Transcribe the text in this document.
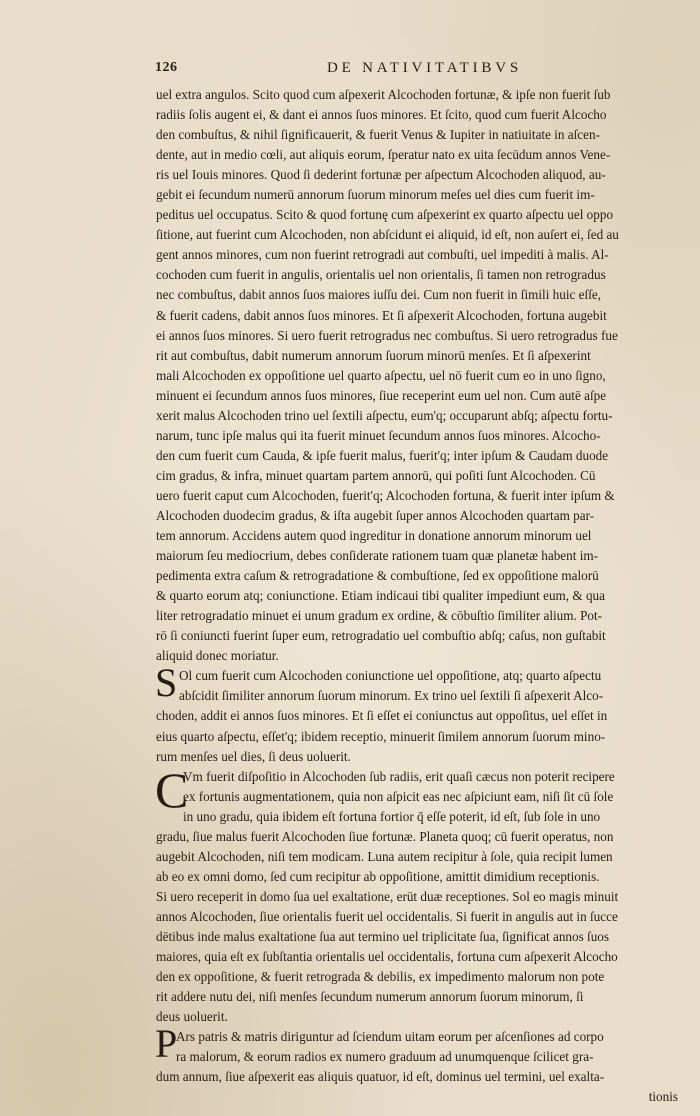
126	DE NATIVITATIBVS
uel extra angulos. Scito quod cum aſpexerit Alcochoden fortunæ, & ipſe non fuerit ſub
radiis ſolis augent ei, & dant ei annos ſuos minores. Et ſcito, quod cum fuerit Alcocho
den combuſtus, & nihil ſignificauerit, & fuerit Venus & Iupiter in natiuitate in aſcen-
dente, aut in medio cœli, aut aliquis eorum, ſperatur nato ex uita ſecūdum annos Vene-
ris uel Iouis minores. Quod ſi dederint fortunæ per aſpectum Alcochoden aliquod, au-
gebit ei ſecundum numerū annorum ſuorum minorum meſes uel dies cum fuerit im-
peditus uel occupatus. Scito & quod fortunę cum aſpexerint ex quarto aſpectu uel oppo
ſitione, aut fuerint cum Alcochoden, non abſcidunt ei aliquid, id eſt, non auſert ei, ſed au
gent annos minores, cum non fuerint retrogradi aut combuſti, uel impediti à malis. Al-
cochoden cum fuerit in angulis, orientalis uel non orientalis, ſi tamen non retrogradus
nec combuſtus, dabit annos ſuos maiores iuſſu dei. Cum non fuerit in ſimili huic eſſe,
& fuerit cadens, dabit annos ſuos minores. Et ſi aſpexerit Alcochoden, fortuna augebit
ei annos ſuos minores. Si uero fuerit retrogradus nec combuſtus. Si uero retrogradus fue
rit aut combuſtus, dabit numerum annorum ſuorum minorū menſes. Et ſi aſpexerint
mali Alcochoden ex oppoſitione uel quarto aſpectu, uel nō fuerit cum eo in uno ſigno,
minuent ei ſecundum annos ſuos minores, ſiue receperint eum uel non. Cum autē aſpe
xerit malus Alcochoden trino uel ſextili aſpectu, eum'q; occuparunt abſq; aſpectu fortu-
narum, tunc ipſe malus qui ita fuerit minuet ſecundum annos ſuos minores. Alcocho-
den cum fuerit cum Cauda, & ipſe fuerit malus, fuerit'q; inter ipſum & Caudam duode
cim gradus, & infra, minuet quartam partem annorū, qui poſiti ſunt Alcochoden. Cū
uero fuerit caput cum Alcochoden, fuerit'q; Alcochoden fortuna, & fuerit inter ipſum &
Alcochoden duodecim gradus, & iſta augebit ſuper annos Alcochoden quartam par-
tem annorum. Accidens autem quod ingreditur in donatione annorum minorum uel
maiorum ſeu mediocrium, debes conſiderate rationem tuam quæ planetæ habent im-
pedimenta extra caſum & retrogradatione & combuſtione, ſed ex oppoſitione malorū
& quarto eorum atq; coniunctione. Etiam indicaui tibi qualiter impediunt eum, & qua
liter retrogradatio minuet ei unum gradum ex ordine, & cōbuſtio ſimiliter alium. Pot-
rō ſi coniuncti fuerint ſuper eum, retrogradatio uel combuſtio abſq; caſus, non guſtabit
aliquid donec moriatur.
S Ol cum fuerit cum Alcochoden coniunctione uel oppoſitione, atq; quarto aſpectu
abſcidit ſimiliter annorum ſuorum minorum. Ex trino uel ſextili ſi aſpexerit Alco-
choden, addit ei annos ſuos minores. Et ſi eſſet ei coniunctus aut oppoſitus, uel eſſet in
eius quarto aſpectu, eſſet'q; ibidem receptio, minuerit ſimilem annorum ſuorum mino-
rum menſes uel dies, ſi deus uoluerit.
C
Vm fuerit diſpoſitio in Alcochoden ſub radiis, erit quaſi cæcus non poterit recipere
ex fortunis augmentationem, quia non aſpicit eas nec aſpiciunt eam, niſi ſit cū ſole
in uno gradu, quia ibidem eſt fortuna fortior q̄ eſſe poterit, id eſt, ſub ſole in uno
gradu, ſiue malus fuerit Alcochoden ſiue fortunæ. Planeta quoq; cū fuerit operatus, non
augebit Alcochoden, niſi tem modicam. Luna autem recipitur à ſole, quia recipit lumen
ab eo ex omni domo, ſed cum recipitur ab oppoſitione, amittit dimidium receptionis.
Si uero receperit in domo ſua uel exaltatione, erūt duæ receptiones. Sol eo magis minuit
annos Alcochoden, ſiue orientalis fuerit uel occidentalis. Si fuerit in angulis aut in ſucce
dētibus inde malus exaltatione ſua aut termino uel triplicitate ſua, ſignificat annos ſuos
maiores, quia eſt ex ſubſtantia orientalis uel occidentalis, fortuna cum aſpexerit Alcocho
den ex oppoſitione, & fuerit retrograda & debilis, ex impedimento malorum non pote
rit addere nutu dei, niſi menſes ſecundum numerum annorum ſuorum minorum, ſi
deus uoluerit.
P
Ars patris & matris diriguntur ad ſciendum uitam eorum per aſcenſiones ad corpo
ra malorum, & eorum radios ex numero graduum ad unumquenque ſcilicet gra-
dum annum, ſiue aſpexerit eas aliquis quatuor, id eſt, dominus uel termini, uel exalta-
tionis
